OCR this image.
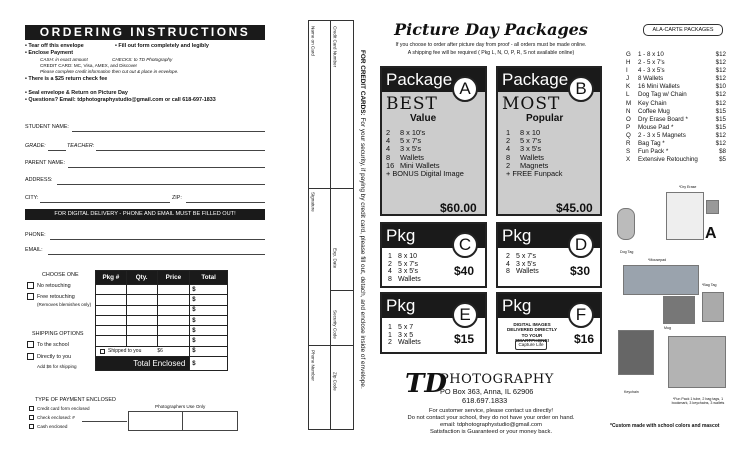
ORDERING INSTRUCTIONS
• Tear off this envelope	• Fill out form completely and legibly
• Enclose Payment
CASH: in exact amount	CHECKS: to TD Photography
CREDIT CARD: MC, Visa, AMEX, and Discover
Please complete credit information then cut out & place in envelope.
• There is a $25 return check fee
• Seal envelope & Return on Picture Day
• Questions? Email: tdphotographystudio@gmail.com or call 618-697-1833
STUDENT NAME:
GRADE:	TEACHER:
PARENT NAME:
ADDRESS:
CITY:	ZIP:
FOR DIGITAL DELIVERY - PHONE AND EMAIL MUST BE FILLED OUT!
PHONE:
EMAIL:
CHOOSE ONE
No retouching
Free retouching
(Removes blemishes only)
SHIPPING OPTIONS
To the school
Directly to you
Add $6 for shipping
Pkg #	Qty.	Price	Total
			$
			$
			$
			$
			$
			$
Shipped to you $6			$
Total Enclosed			$
TYPE OF PAYMENT ENCLOSED
Credit card form enclosed
Check enclosed: #
Cash enclosed
Photographers Use Only
Name on Card	Credit Card Number
Signature
Exp. Date
Security Code
Phone Number
Zip Code
FOR CREDIT CARDS: For your security, if paying by credit card, please fill out, detach, and enclose inside of envelope.
Picture Day Packages
If you choose to order after picture day from proof - all orders must be made online.
A shipping fee will be required ( Pkg L, N, O, P, R, S not available online)
Package A
BEST
Value
2 8 x 10's
4 5 x 7's
4 3 x 5's
8 Wallets
16 Mini Wallets
+ BONUS Digital Image
$60.00
Package B
MOST
Popular
1 8 x 10
2 5 x 7's
4 3 x 5's
8 Wallets
2 Magnets
+ FREE Funpack
$45.00
Pkg	C
1 8 x 10
2 5 x 7's
4 3 x 5's
8 Wallets
$40
Pkg	D
2 5 x 7's
4 3 x 5's
8 Wallets	$30
Pkg	E
1 5 x 7
1 3 x 5
2 Wallets	$15
Pkg	F
DIGITAL IMAGES DELIVERED DIRECTLY TO YOUR SMARTPHONE!
Capture Life	$16
TD
PHOTOGRAPHY
PO Box 363, Anna, IL 62906
618.697.1833
For customer service, please contact us directly!
Do not contact your school, they do not have your order on hand.
email: tdphotographystudio@gmail.com
Satisfaction is Guaranteed or your money back.
ALA-CARTE PACKAGES
G	1 - 8 x 10	$12
H	2 - 5 x 7's	$12
I	4 - 3 x 5's	$12
J	8 Wallets	$12
K	16 Mini Wallets	$10
L	Dog Tag w/ Chain	$12
M	Key Chain	$12
N	Coffee Mug	$15
O	Dry Erase Board *	$15
P	Mouse Pad *	$15
Q	2 - 3 x 5 Magnets	$12
R	Bag Tag *	$12
S	Fun Pack *	$8
X	Extensive Retouching	$5
Dog Tag
*Dry Erase
A
*Mousepad
*Bag Tag
Mug
Keychain
*Fun Pack 1 tube, 2 bag tags, 1 bookmark, 3 keychains, 3 wallets
*Custom made with school colors and mascot
